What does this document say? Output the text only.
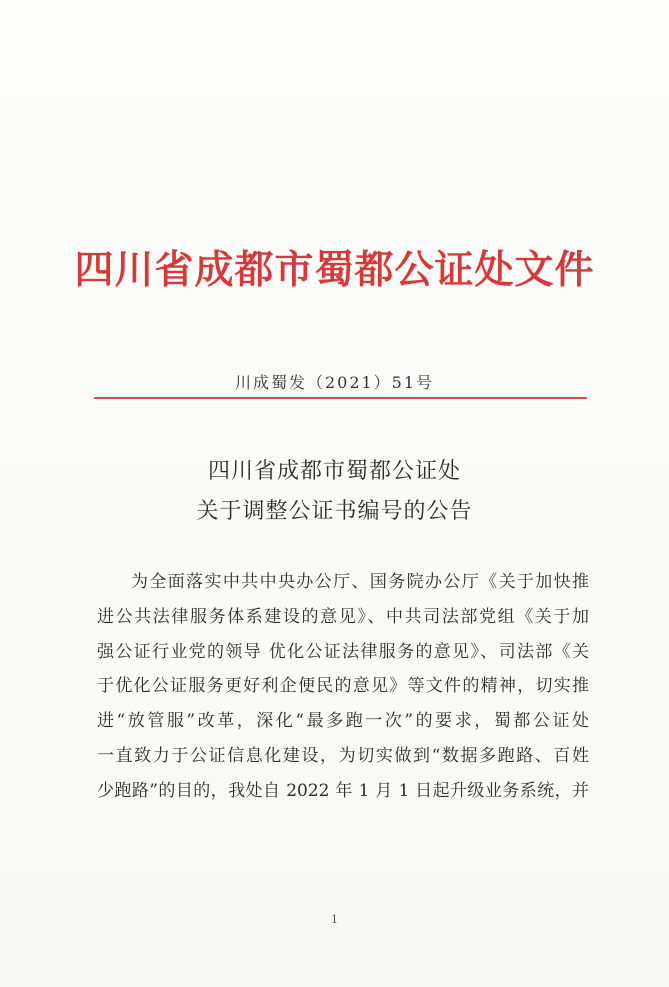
四川省成都市蜀都公证处文件
川成蜀发（2021）51号
四川省成都市蜀都公证处
关于调整公证书编号的公告
为全面落实中共中央办公厅、国务院办公厅《关于加快推
进公共法律服务体系建设的意见》、中共司法部党组《关于加
强公证行业党的领导 优化公证法律服务的意见》、司法部《关
于优化公证服务更好利企便民的意见》等文件的精神，切实推
进“放管服”改革，深化“最多跑一次”的要求，蜀都公证处
一直致力于公证信息化建设，为切实做到“数据多跑路、百姓
少跑路”的目的，我处自 2022 年 1 月 1 日起升级业务系统，并
1
